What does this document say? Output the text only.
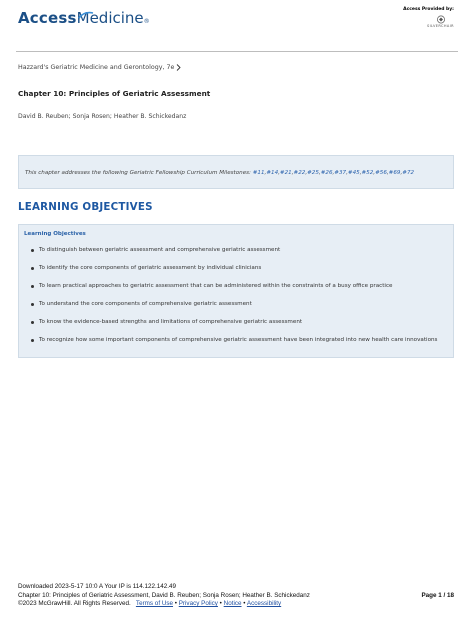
Access Medicine ®
Access Provided by:
SILVERCHAIR
Hazzard's Geriatric Medicine and Gerontology, 7e
Chapter 10: Principles of Geriatric Assessment
David B. Reuben; Sonja Rosen; Heather B. Schickedanz
This chapter addresses the following Geriatric Fellowship Curriculum Milestones: #11,#14,#21,#22,#25,#26,#37,#45,#52,#56,#69,#72
LEARNING OBJECTIVES
Learning Objectives
To distinguish between geriatric assessment and comprehensive geriatric assessment
To identify the core components of geriatric assessment by individual clinicians
To learn practical approaches to geriatric assessment that can be administered within the constraints of a busy office practice
To understand the core components of comprehensive geriatric assessment
To know the evidence-based strengths and limitations of comprehensive geriatric assessment
To recognize how some important components of comprehensive geriatric assessment have been integrated into new health care innovations
Downloaded 2023-5-17 10:0 A Your IP is 114.122.142.49
Chapter 10: Principles of Geriatric Assessment, David B. Reuben; Sonja Rosen; Heather B. Schickedanz
©2023 McGrawHill. All Rights Reserved. Terms of Use • Privacy Policy • Notice • Accessibility
Page 1 / 18
